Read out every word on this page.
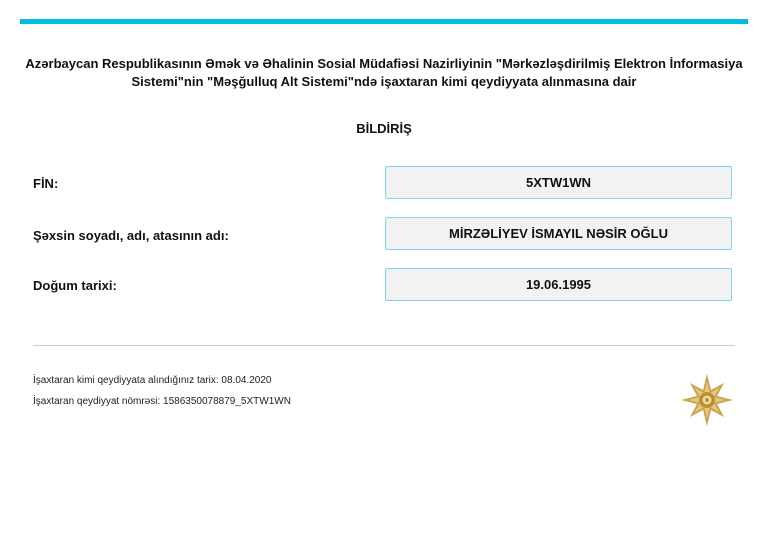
Azərbaycan Respublikasının Əmək və Əhalinin Sosial Müdafiəsi Nazirliyinin "Mərkəzləşdirilmiş Elektron İnformasiya Sistemi"nin "Məşğulluq Alt Sistemi"ndə işaxtaran kimi qeydiyyata alınmasına dair
BİLDİRİŞ
FİN:	5XTW1WN
Şəxsin soyadı, adı, atasının adı:	MİRZƏLİYEV İSMAYIL NƏSİR OĞLU
Doğum tarixi:	19.06.1995
İşaxtaran kimi qeydiyyata alındığınız tarix: 08.04.2020
İşaxtaran qeydiyyat nömrəsi: 1586350078879_5XTW1WN
